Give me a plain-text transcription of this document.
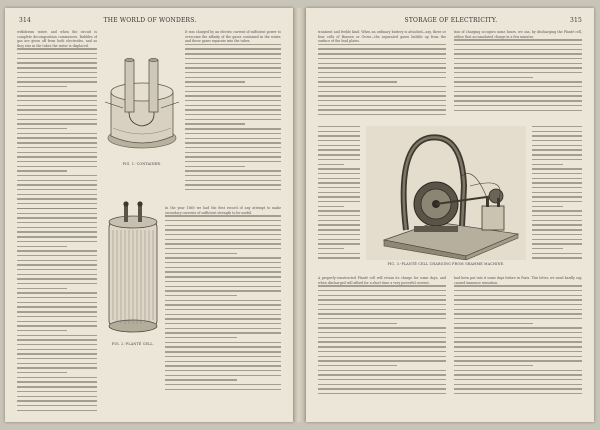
314	THE WORLD OF WONDERS.
withdrawn water, and when the circuit is complete decomposition commences. Bubbles of gas are given off from both electrodes, and as they rise in the tubes the water is displaced.
It was charged by an electric current of sufficient power to overcome the affinity of the gases contained in the water, and these gases separate into the tubes.
In the year 1860 we had the first record of any attempt to make secondary currents of sufficient strength to be useful.
FIG. 1.-CONTAINER.
FIG. 2.-PLANTÉ CELL.
STORAGE OF ELECTRICITY.	315
transient and feeble kind. When an ordinary battery is attached—say, three or four cells of Bunsen or Grove—the separated gases bubble up from the surface of the lead plates.
tion of charging occupies some hours, we can, by discharging the Planté cell, utilise that accumulated charge in a few minutes.
A properly-constructed Planté cell will retain its charge for some days, and when discharged will afford for a short time a very powerful current.
had been put into it some days before in Paris. This letter, we need hardly say, caused immense sensation.
FIG. 3.-PLANTÉ CELL CHARGING FROM GRAMME MACHINE.
